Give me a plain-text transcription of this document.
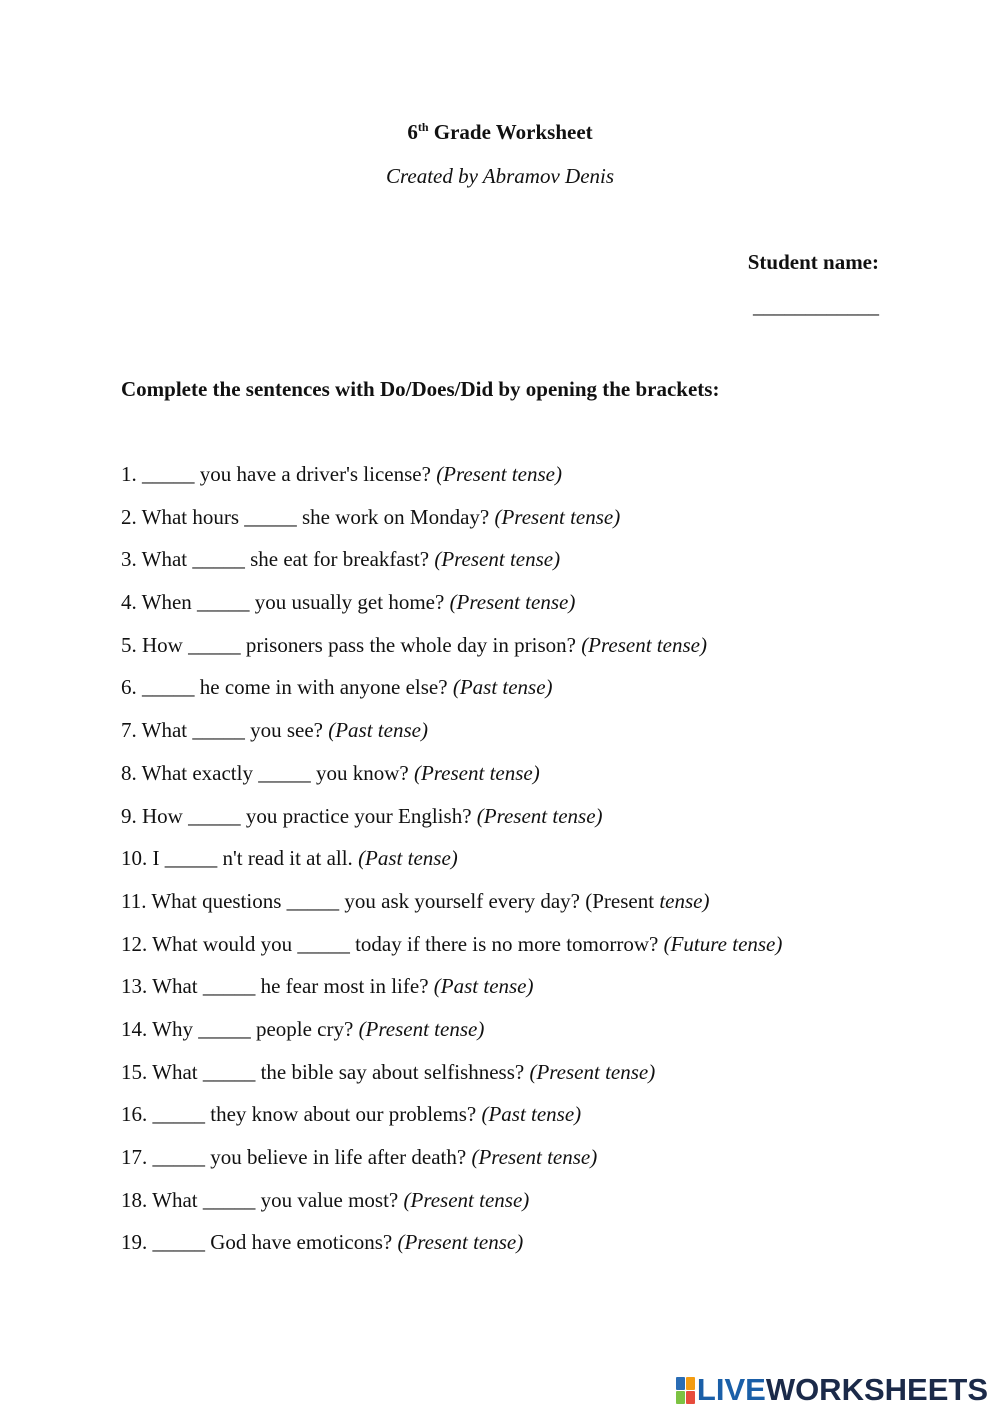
6th Grade Worksheet
Created by Abramov Denis
Student name:
____________
Complete the sentences with Do/Does/Did by opening the brackets:
1. _____ you have a driver's license? (Present tense)
2. What hours _____ she work on Monday? (Present tense)
3. What _____ she eat for breakfast? (Present tense)
4. When _____ you usually get home? (Present tense)
5. How _____ prisoners pass the whole day in prison? (Present tense)
6. _____ he come in with anyone else? (Past tense)
7. What _____ you see? (Past tense)
8. What exactly _____ you know? (Present tense)
9. How _____ you practice your English? (Present tense)
10. I _____ n't read it at all. (Past tense)
11. What questions _____ you ask yourself every day? (Present tense)
12. What would you _____ today if there is no more tomorrow? (Future tense)
13. What _____ he fear most in life? (Past tense)
14. Why _____ people cry? (Present tense)
15. What _____ the bible say about selfishness? (Present tense)
16. _____ they know about our problems? (Past tense)
17. _____ you believe in life after death? (Present tense)
18. What _____ you value most? (Present tense)
19. _____ God have emoticons? (Present tense)
LIVEWORKSHEETS
